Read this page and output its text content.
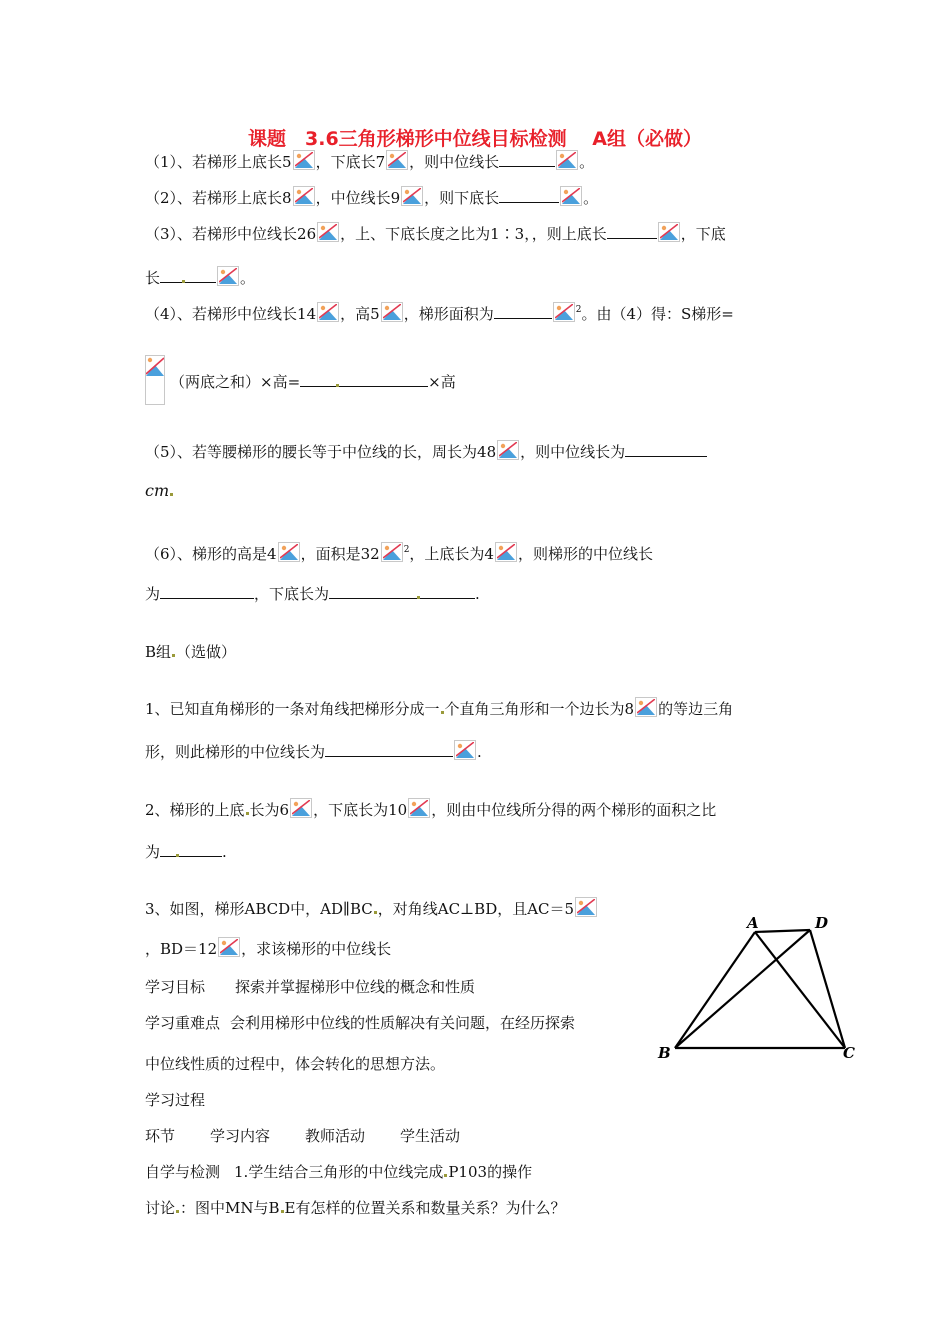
课题　3.6三角形梯形中位线目标检测　 A组（必做）
（1）、若梯形上底长5 ，下底长7 ，则中位线长	。
（2）、若梯形上底长8 ，中位线长9 ，则下底长	。
（3）、若梯形中位线长26 ，上、下底长度之比为1∶3，，则上底长	，下底
长	。
（4）、若梯形中位线长14 ，高5 ，梯形面积为	$^2$。由（4）得：S梯形=
（两底之和）×高=	×高
（5）、若等腰梯形的腰长等于中位线的长，周长为48 ，则中位线长为
cm
（6）、梯形的高是4 ，面积是32	$^2$，上底长为4 ，则梯形的中位线长
为	，下底长为	.
B组 （选做）
1、已知直角梯形的一条对角线把梯形分成一 个直角三角形和一个边长为8 的等边三角
形，则此梯形的中位线长为	.
2、梯形的上底 长为6 ，下底长为10 ，则由中位线所分得的两个梯形的面积之比
为	.
3、如图，梯形ABCD中，AD∥BC ，对角线AC⊥BD，且AC＝5
，BD＝12 ，求该梯形的中位线长
学习目标 探索并掌握梯形中位线的概念和性质
学习重难点 会利用梯形中位线的性质解决有关问题，在经历探索
中位线性质的过程中，体会转化的思想方法。
学习过程
环节 学习内容 教师活动 学生活动
自学与检测 1.学生结合三角形的中位线完成 P103的操作
讨论 ：图中MN与B E有怎样的位置关系和数量关系？为什么？
A	D
B	C
